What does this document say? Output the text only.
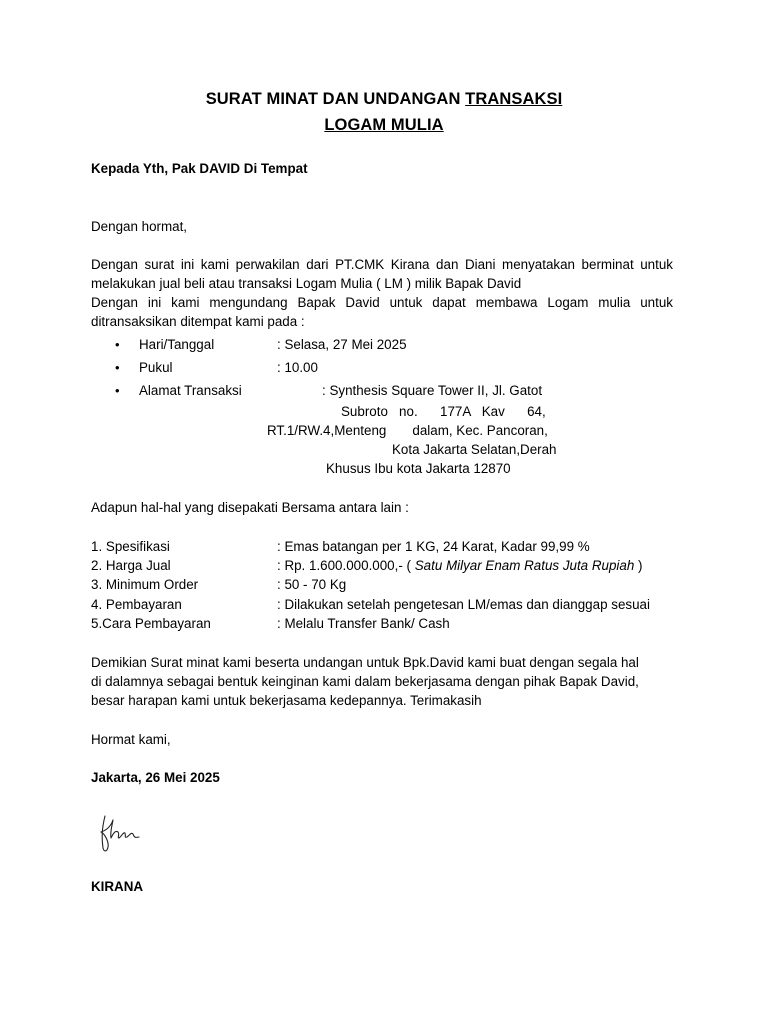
SURAT MINAT DAN UNDANGAN TRANSAKSI
LOGAM MULIA
Kepada Yth, Pak DAVID Di Tempat
Dengan hormat,
Dengan surat ini kami perwakilan dari PT.CMK Kirana dan Diani menyatakan berminat untuk
melakukan jual beli atau transaksi Logam Mulia ( LM ) milik Bapak David
Dengan ini kami mengundang Bapak David untuk dapat membawa Logam mulia untuk
ditransaksikan ditempat kami pada :
• Hari/Tanggal	: Selasa, 27 Mei 2025
• Pukul	: 10.00
• Alamat Transaksi	: Synthesis Square Tower II, Jl. Gatot
Subroto   no.      177A   Kav      64,
RT.1/RW.4,Menteng       dalam, Kec. Pancoran,
Kota Jakarta Selatan,Derah
Khusus Ibu kota Jakarta 12870
Adapun hal-hal yang disepakati Bersama antara lain :
1. Spesifikasi	: Emas batangan per 1 KG, 24 Karat, Kadar 99,99 %
2. Harga Jual	: Rp. 1.600.000.000,- ( Satu Milyar Enam Ratus Juta Rupiah )
3. Minimum Order	: 50 - 70 Kg
4. Pembayaran	: Dilakukan setelah pengetesan LM/emas dan dianggap sesuai
5.Cara Pembayaran	: Melalu Transfer Bank/ Cash
Demikian Surat minat kami beserta undangan untuk Bpk.David kami buat dengan segala hal
di dalamnya sebagai bentuk keinginan kami dalam bekerjasama dengan pihak Bapak David,
besar harapan kami untuk bekerjasama kedepannya. Terimakasih
Hormat kami,
Jakarta, 26 Mei 2025
KIRANA
